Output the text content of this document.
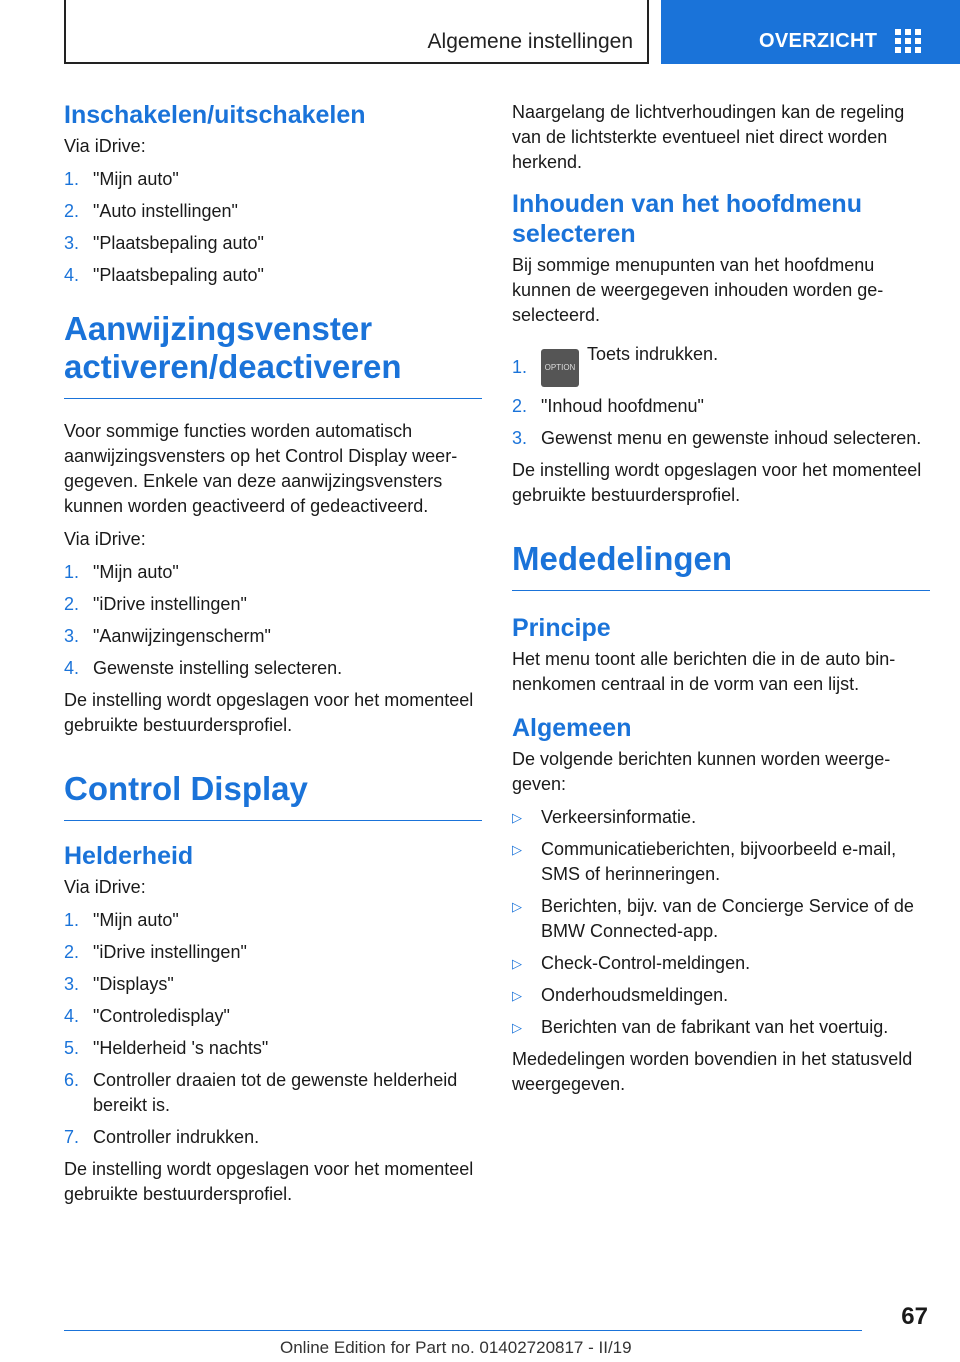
Algemene instellingen	OVERZICHT
Inschakelen/uitschakelen

Via iDrive:

1. "Mijn auto"
2. "Auto instellingen"
3. "Plaatsbepaling auto"
4. "Plaatsbepaling auto"
Aanwijzingsvenster activeren/deactiveren

Voor sommige functies worden automatisch aanwijzingsvensters op het Control Display weergegeven. Enkele van deze aanwijzingsvensters kunnen worden geactiveerd of gedeactiveerd.

Via iDrive:

1. "Mijn auto"
2. "iDrive instellingen"
3. "Aanwijzingenscherm"
4. Gewenste instelling selecteren.

De instelling wordt opgeslagen voor het momenteel gebruikte bestuurdersprofiel.

Control Display
Helderheid

Via iDrive:

1. "Mijn auto"
2. "iDrive instellingen"
3. "Displays"
4. "Controledisplay"
5. "Helderheid 's nachts"
6. Controller draaien tot de gewenste helderheid bereikt is.
7. Controller indrukken.

De instelling wordt opgeslagen voor het momenteel gebruikte bestuurdersprofiel.

Naargelang de lichtverhoudingen kan de regeling van de lichtsterkte eventueel niet direct worden herkend.

Inhouden van het hoofdmenu selecteren

Bij sommige menupunten van het hoofdmenu kunnen de weergegeven inhouden worden geselecteerd.

1. OPTIONToets indrukken.
2. "Inhoud hoofdmenu"
3. Gewenst menu en gewenste inhoud selecteren.

De instelling wordt opgeslagen voor het momenteel gebruikte bestuurdersprofiel.

Mededelingen
Principe

Het menu toont alle berichten die in de auto binnenkomen centraal in de vorm van een lijst.

Algemeen

De volgende berichten kunnen worden weergegeven:

▷ Verkeersinformatie.
▷ Communicatieberichten, bijvoorbeeld e-mail, SMS of herinneringen.
▷ Berichten, bijv. van de Concierge Service of de BMW Connected-app.
▷ Check-Control-meldingen.
▷ Onderhoudsmeldingen.
▷ Berichten van de fabrikant van het voertuig.

Mededelingen worden bovendien in het statusveld weergegeven.

67
Online Edition for Part no. 01402720817 - II/19
